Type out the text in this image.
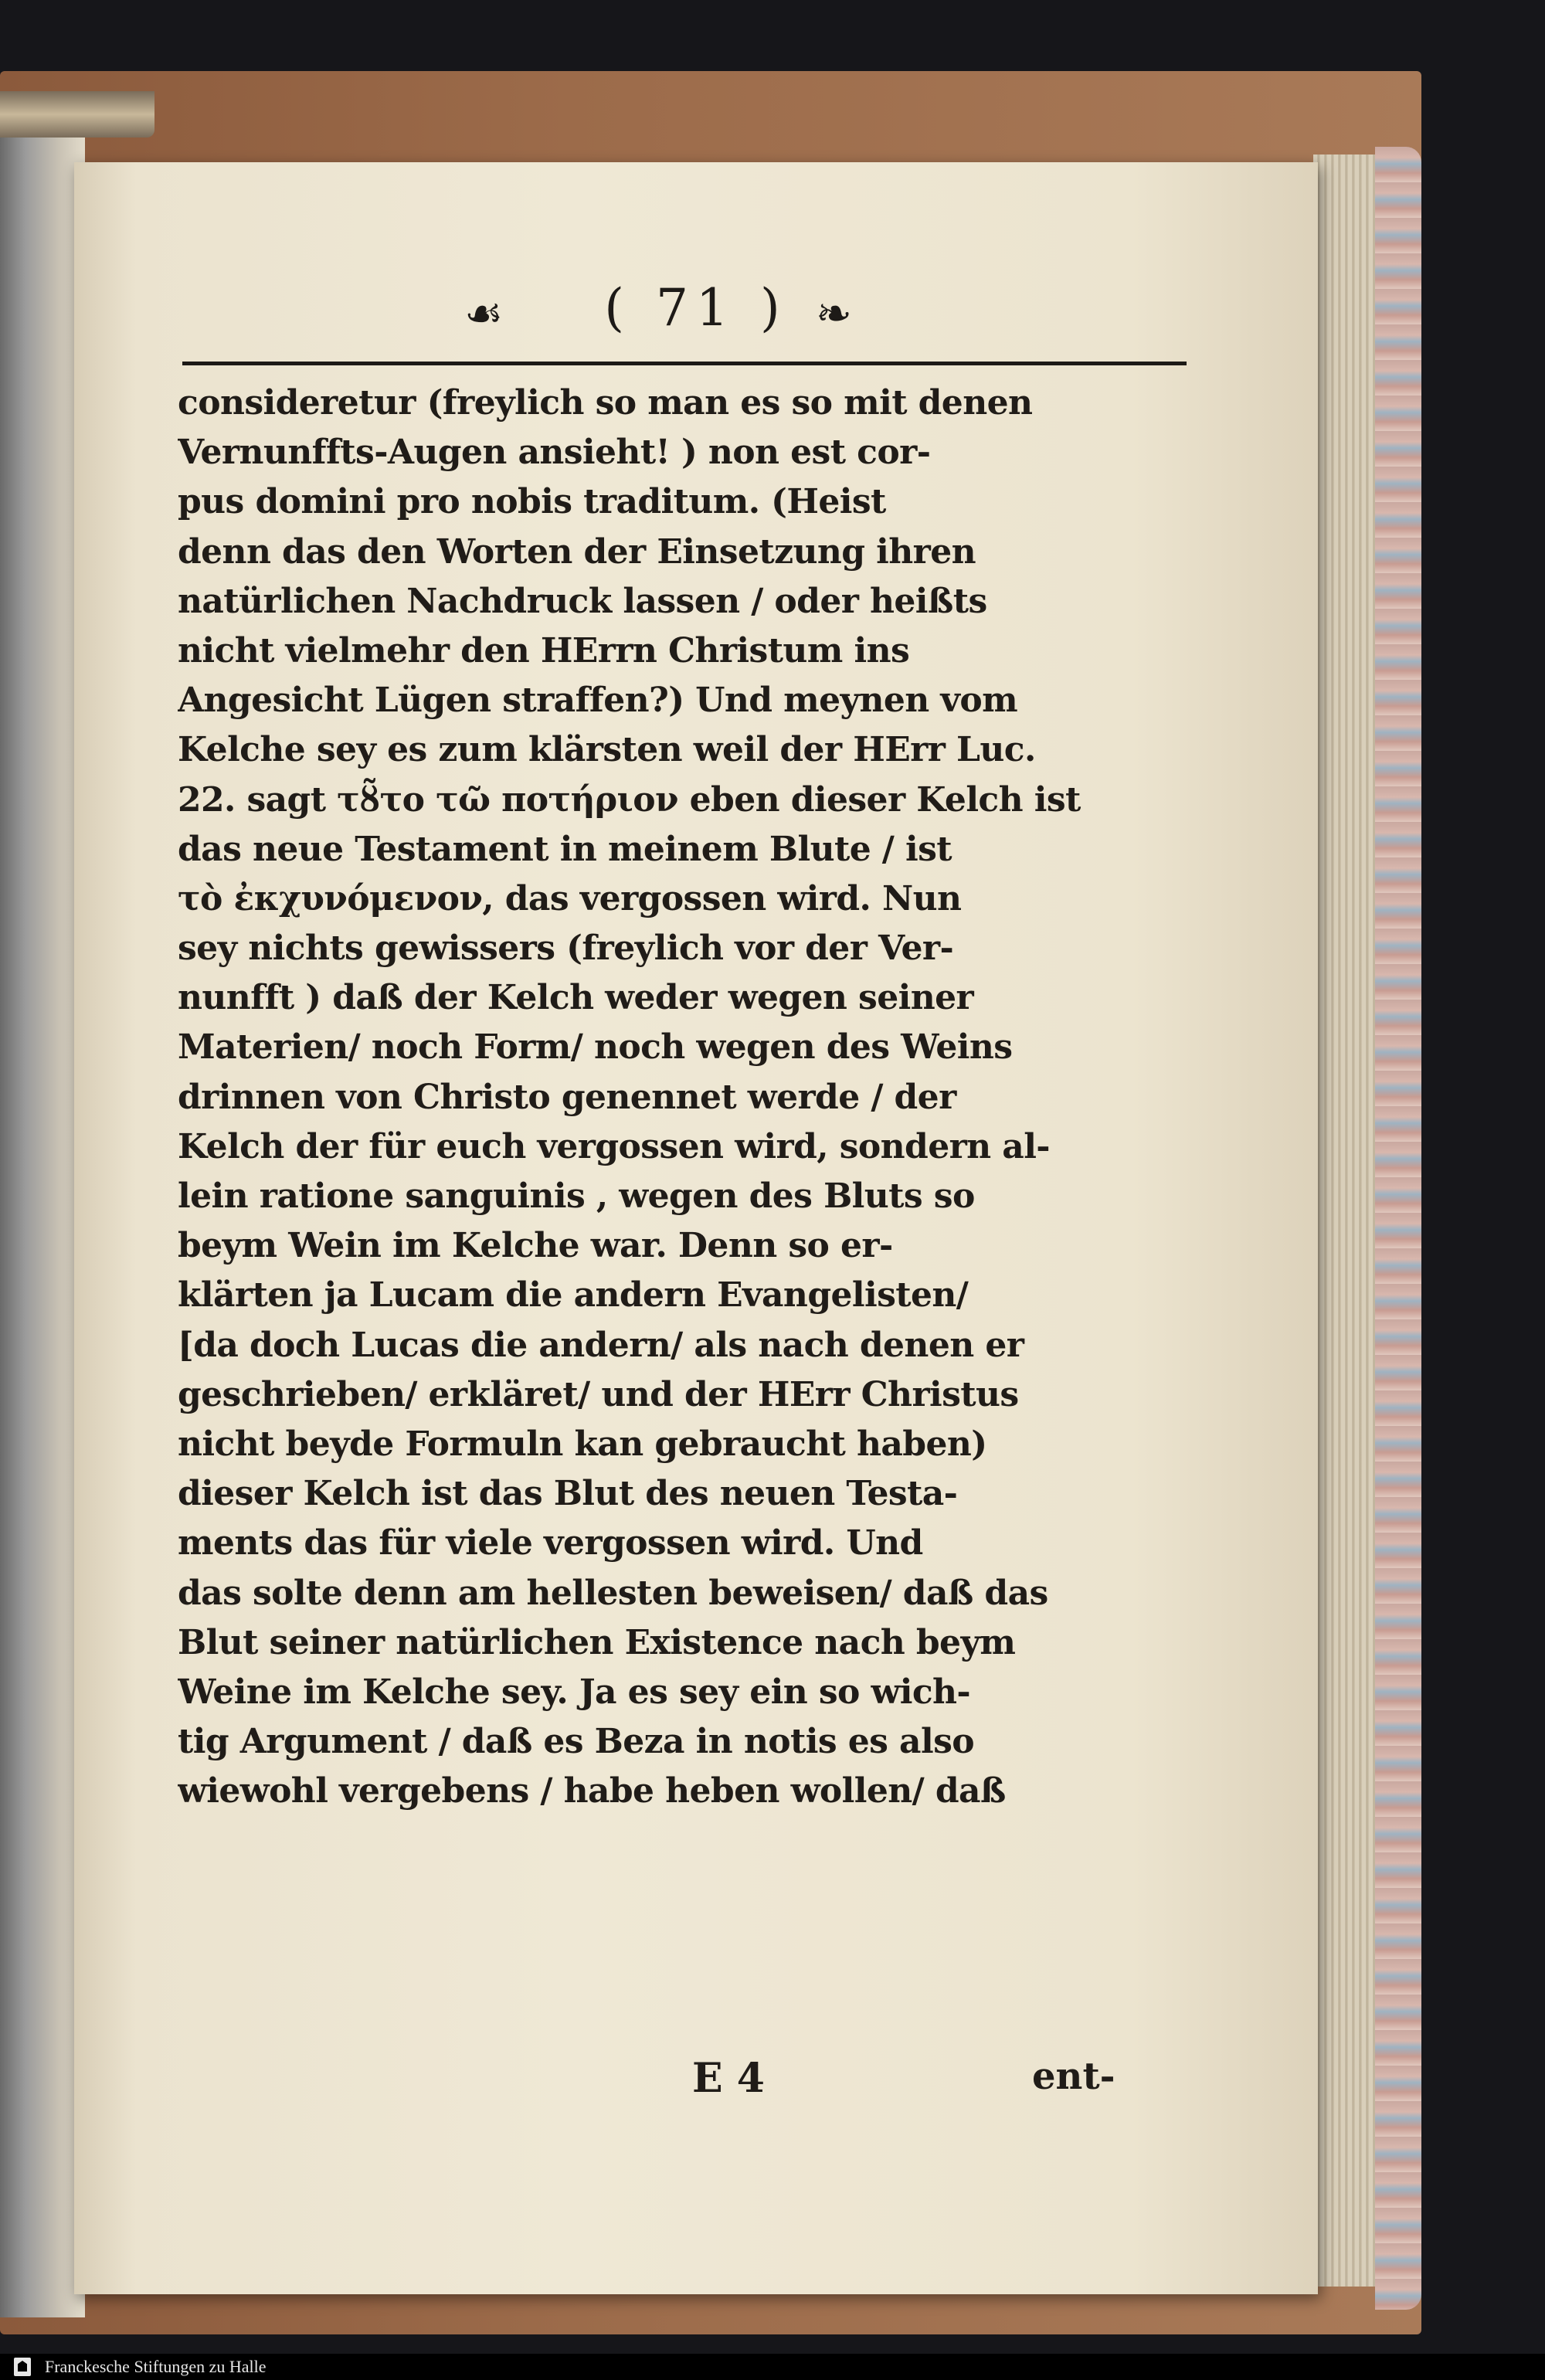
☙	( 71 ) ❧
consideretur (freylich so man es so mit denen
Vernunffts-Augen ansieht! ) non est cor-
pus domini pro nobis traditum. (Heist
denn das den Worten der Einsetzung ihren
natürlichen Nachdruck lassen / oder heißts
nicht vielmehr den HErrn Christum ins
Angesicht Lügen straffen?) Und meynen vom
Kelche sey es zum klärsten weil der HErr Luc.
22. sagt τȣ̃το τῶ ποτήριον eben dieser Kelch ist
das neue Testament in meinem Blute / ist
τὸ ἐκχυνόμενον, das vergossen wird. Nun
sey nichts gewissers (freylich vor der Ver-
nunfft ) daß der Kelch weder wegen seiner
Materien/ noch Form/ noch wegen des Weins
drinnen von Christo genennet werde / der
Kelch der für euch vergossen wird, sondern al-
lein ratione sanguinis , wegen des Bluts so
beym Wein im Kelche war. Denn so er-
klärten ja Lucam die andern Evangelisten/
[da doch Lucas die andern/ als nach denen er
geschrieben/ erkläret/ und der HErr Christus
nicht beyde Formuln kan gebraucht haben)
dieser Kelch ist das Blut des neuen Testa-
ments das für viele vergossen wird. Und
das solte denn am hellesten beweisen/ daß das
Blut seiner natürlichen Existence nach beym
Weine im Kelche sey. Ja es sey ein so wich-
tig Argument / daß es Beza in notis es also
wiewohl vergebens / habe heben wollen/ daß
E 4	ent-
Franckesche Stiftungen zu Halle
